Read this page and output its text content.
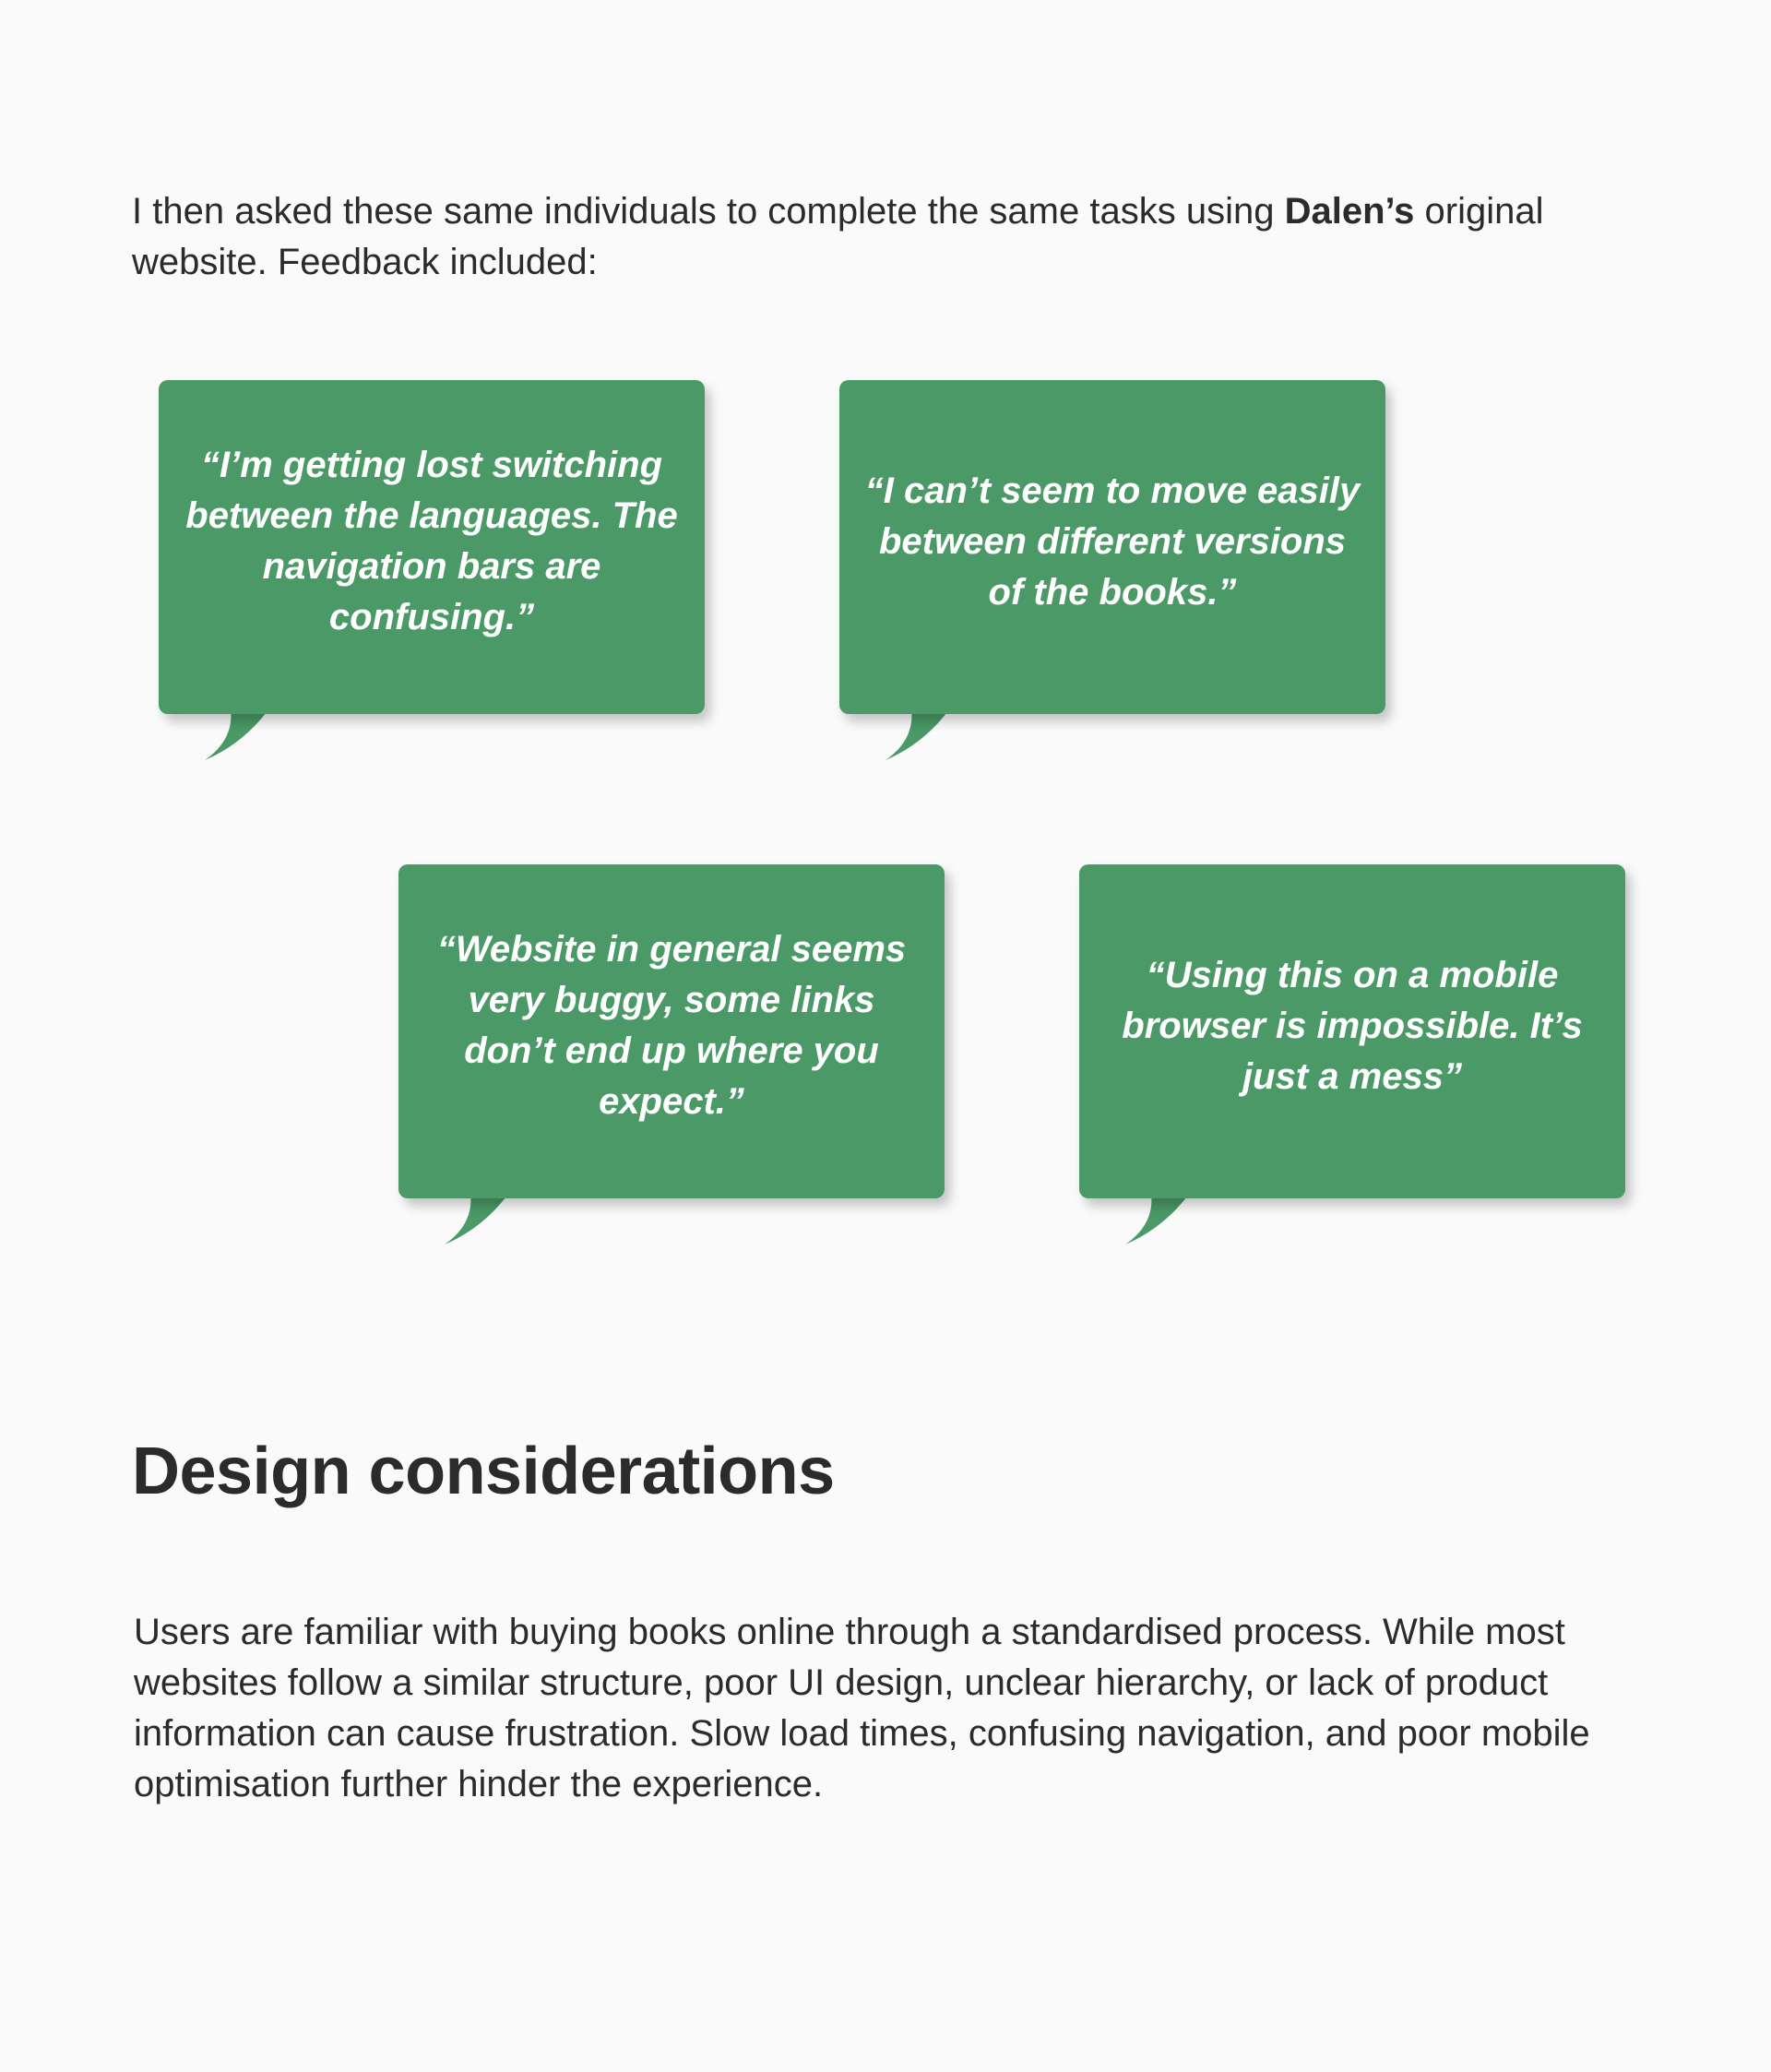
I then asked these same individuals to complete the same tasks using Dalen’s original website. Feedback included:

“I’m getting lost switching between the languages. The navigation bars are confusing.”

“I can’t seem to move easily between different versions of the books.”

“Website in general seems very buggy, some links don’t end up where you expect.”

“Using this on a mobile browser is impossible. It’s just a mess”

Design considerations

Users are familiar with buying books online through a standardised process. While most websites follow a similar structure, poor UI design, unclear hierarchy, or lack of product information can cause frustration. Slow load times, confusing navigation, and poor mobile optimisation further hinder the experience.
